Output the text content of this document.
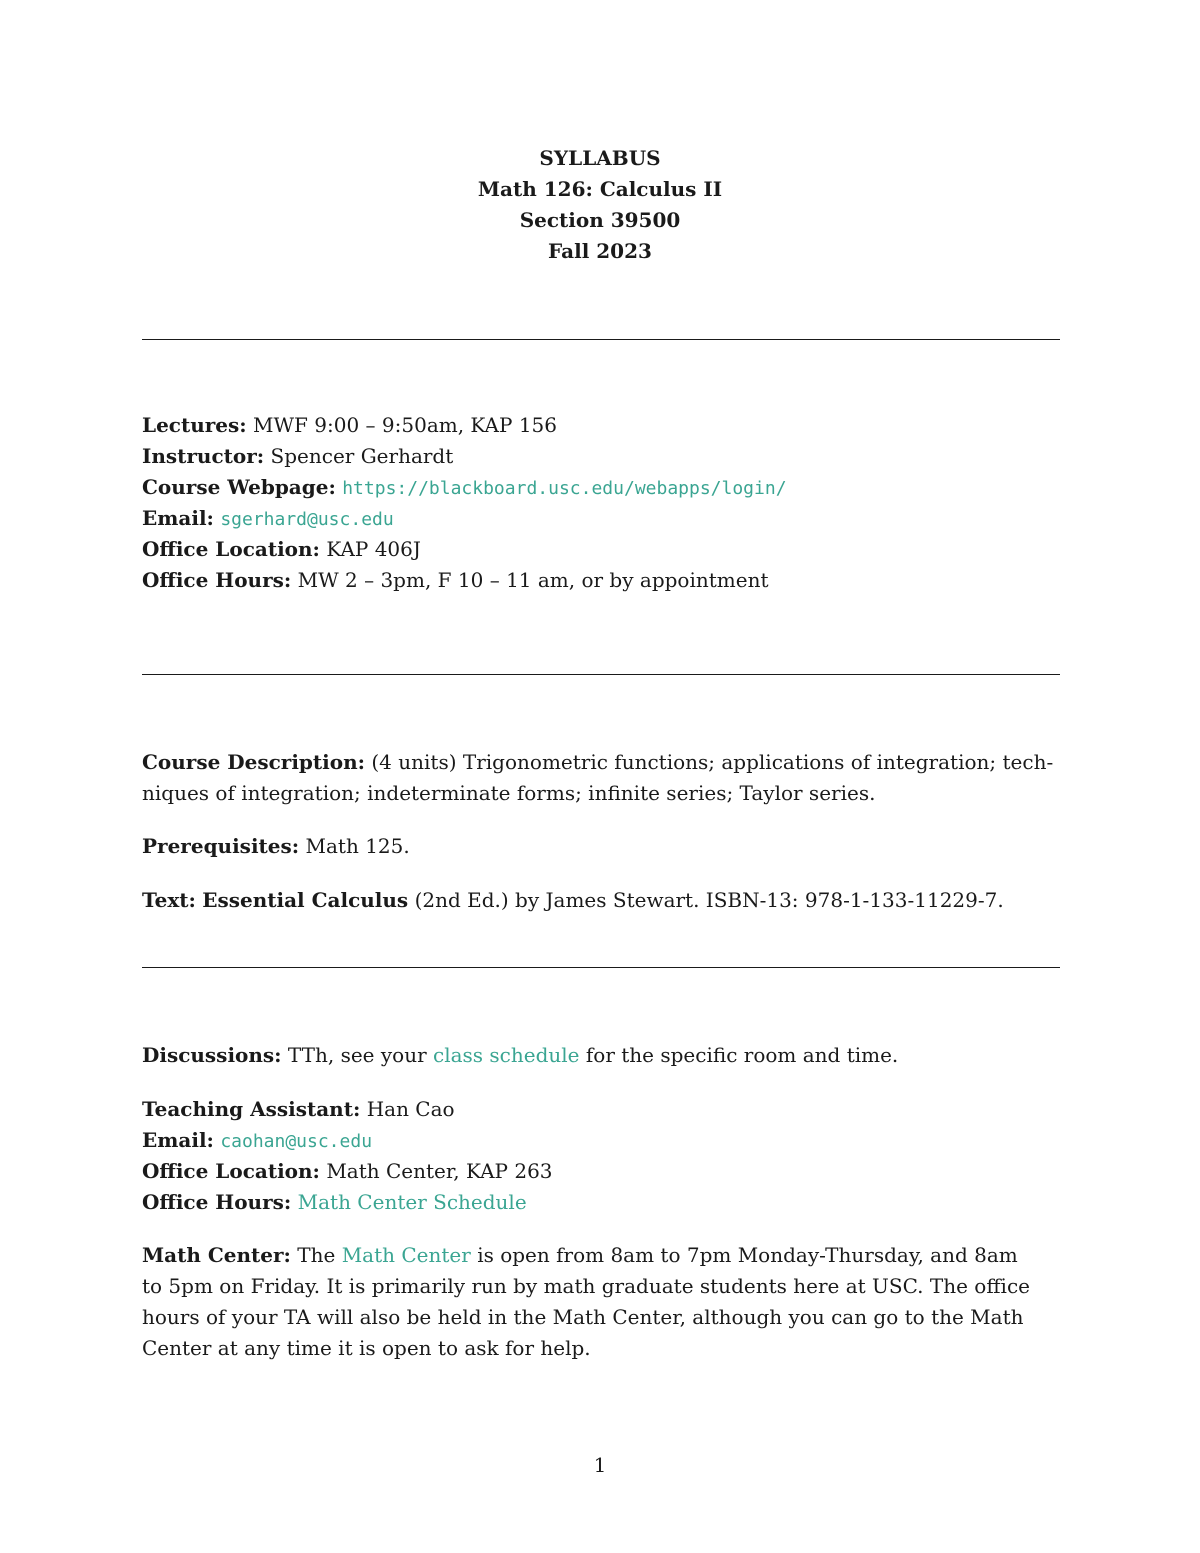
SYLLABUS
Math 126: Calculus II
Section 39500
Fall 2023
Lectures: MWF 9:00 – 9:50am, KAP 156
Instructor: Spencer Gerhardt
Course Webpage: https://blackboard.usc.edu/webapps/login/
Email: sgerhard@usc.edu
Office Location: KAP 406J
Office Hours: MW 2 – 3pm, F 10 – 11 am, or by appointment
Course Description: (4 units) Trigonometric functions; applications of integration; tech-
niques of integration; indeterminate forms; infinite series; Taylor series.
Prerequisites: Math 125.
Text: Essential Calculus (2nd Ed.) by James Stewart. ISBN-13: 978-1-133-11229-7.
Discussions: TTh, see your class schedule for the specific room and time.
Teaching Assistant: Han Cao
Email: caohan@usc.edu
Office Location: Math Center, KAP 263
Office Hours: Math Center Schedule
Math Center: The Math Center is open from 8am to 7pm Monday-Thursday, and 8am
to 5pm on Friday. It is primarily run by math graduate students here at USC. The office
hours of your TA will also be held in the Math Center, although you can go to the Math
Center at any time it is open to ask for help.
1
